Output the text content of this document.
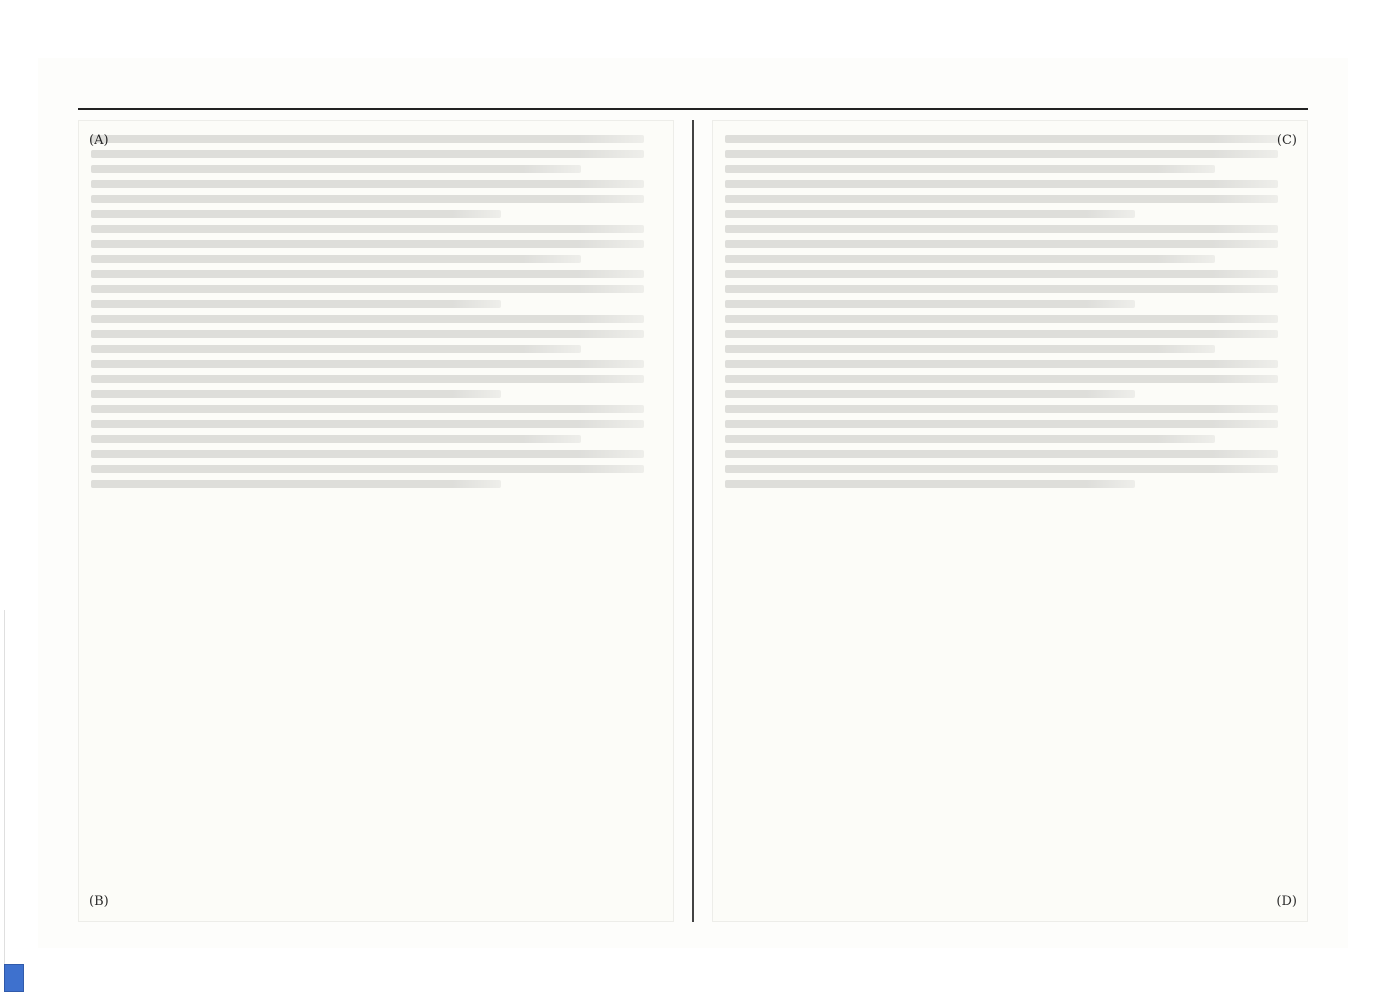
(A)
(B)
(C)
(D)
